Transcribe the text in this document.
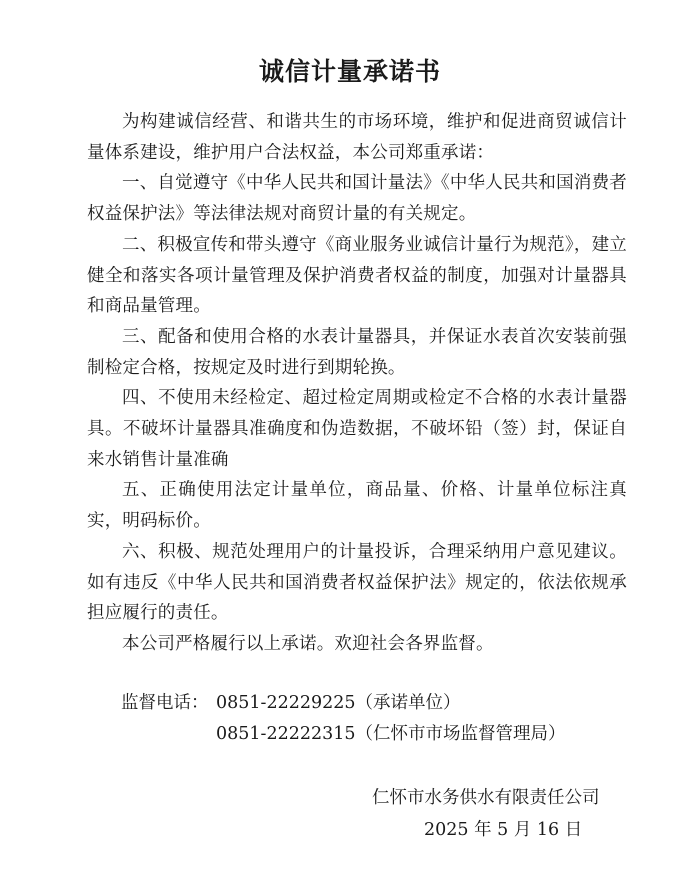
诚信计量承诺书

为构建诚信经营、和谐共生的市场环境，维护和促进商贸诚信计量体系建设，维护用户合法权益，本公司郑重承诺：

一、自觉遵守《中华人民共和国计量法》《中华人民共和国消费者权益保护法》等法律法规对商贸计量的有关规定。

二、积极宣传和带头遵守《商业服务业诚信计量行为规范》，建立健全和落实各项计量管理及保护消费者权益的制度，加强对计量器具和商品量管理。

三、配备和使用合格的水表计量器具，并保证水表首次安装前强制检定合格，按规定及时进行到期轮换。

四、不使用未经检定、超过检定周期或检定不合格的水表计量器具。不破坏计量器具准确度和伪造数据，不破坏铅（签）封，保证自来水销售计量准确

五、正确使用法定计量单位，商品量、价格、计量单位标注真实，明码标价。

六、积极、规范处理用户的计量投诉，合理采纳用户意见建议。如有违反《中华人民共和国消费者权益保护法》规定的，依法依规承担应履行的责任。

本公司严格履行以上承诺。欢迎社会各界监督。

监督电话： 0851-22229225（承诺单位）
0851-22222315（仁怀市市场监督管理局）
仁怀市水务供水有限责任公司
2025 年 5 月 16 日
